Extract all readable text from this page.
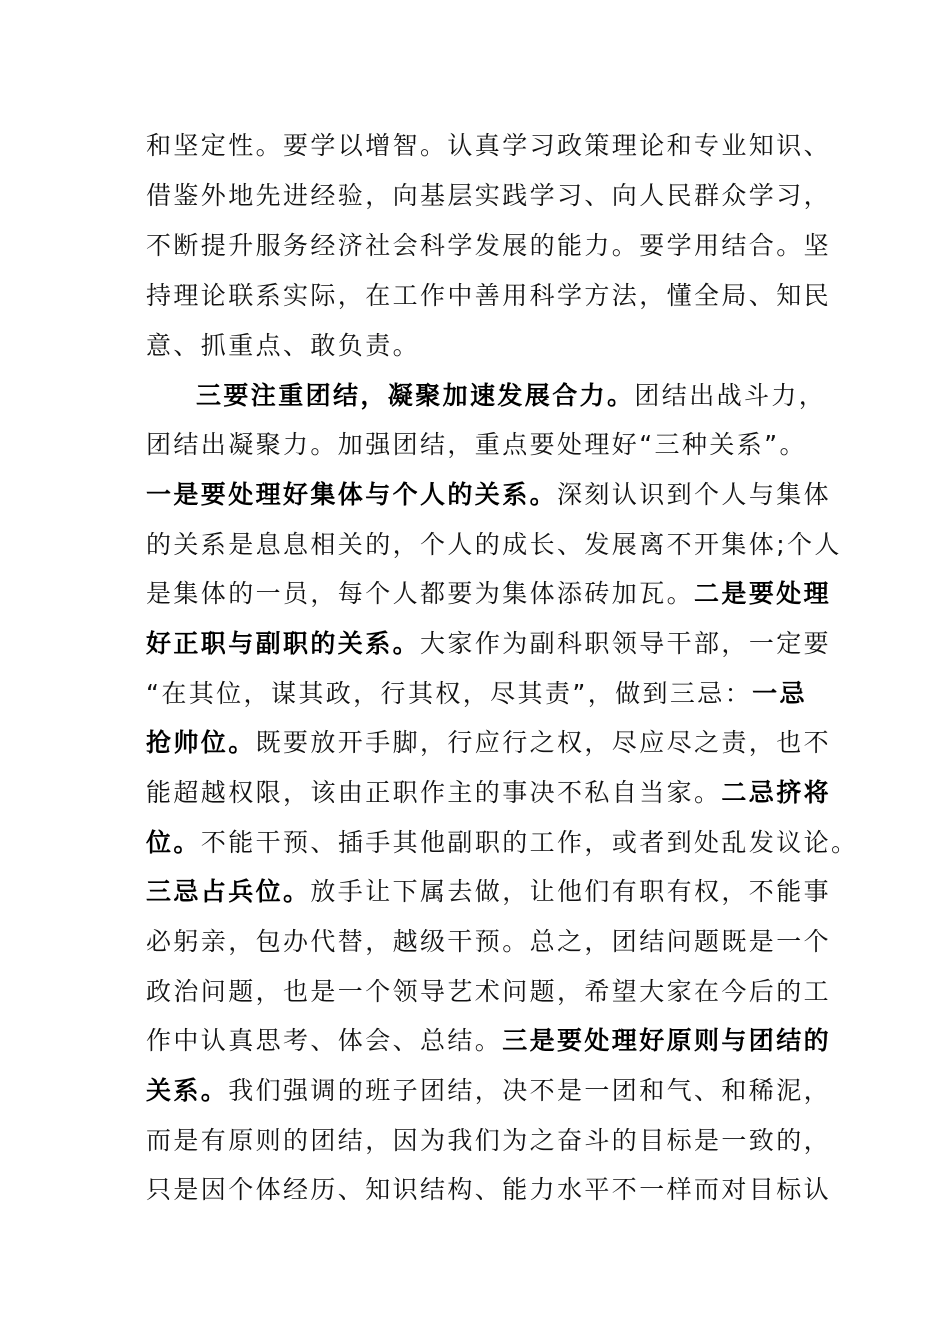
和坚定性。要学以增智。认真学习政策理论和专业知识、
借鉴外地先进经验，向基层实践学习、向人民群众学习，
不断提升服务经济社会科学发展的能力。要学用结合。坚
持理论联系实际，在工作中善用科学方法，懂全局、知民
意、抓重点、敢负责。
三要注重团结，凝聚加速发展合力。团结出战斗力，
团结出凝聚力。加强团结，重点要处理好“三种关系”。
一是要处理好集体与个人的关系。深刻认识到个人与集体
的关系是息息相关的，个人的成长、发展离不开集体;个人
是集体的一员，每个人都要为集体添砖加瓦。二是要处理
好正职与副职的关系。大家作为副科职领导干部，一定要
“在其位，谋其政，行其权，尽其责”，做到三忌：一忌
抢帅位。既要放开手脚，行应行之权，尽应尽之责，也不
能超越权限，该由正职作主的事决不私自当家。二忌挤将
位。不能干预、插手其他副职的工作，或者到处乱发议论。
三忌占兵位。放手让下属去做，让他们有职有权，不能事
必躬亲，包办代替，越级干预。总之，团结问题既是一个
政治问题，也是一个领导艺术问题，希望大家在今后的工
作中认真思考、体会、总结。三是要处理好原则与团结的
关系。我们强调的班子团结，决不是一团和气、和稀泥，
而是有原则的团结，因为我们为之奋斗的目标是一致的，
只是因个体经历、知识结构、能力水平不一样而对目标认
